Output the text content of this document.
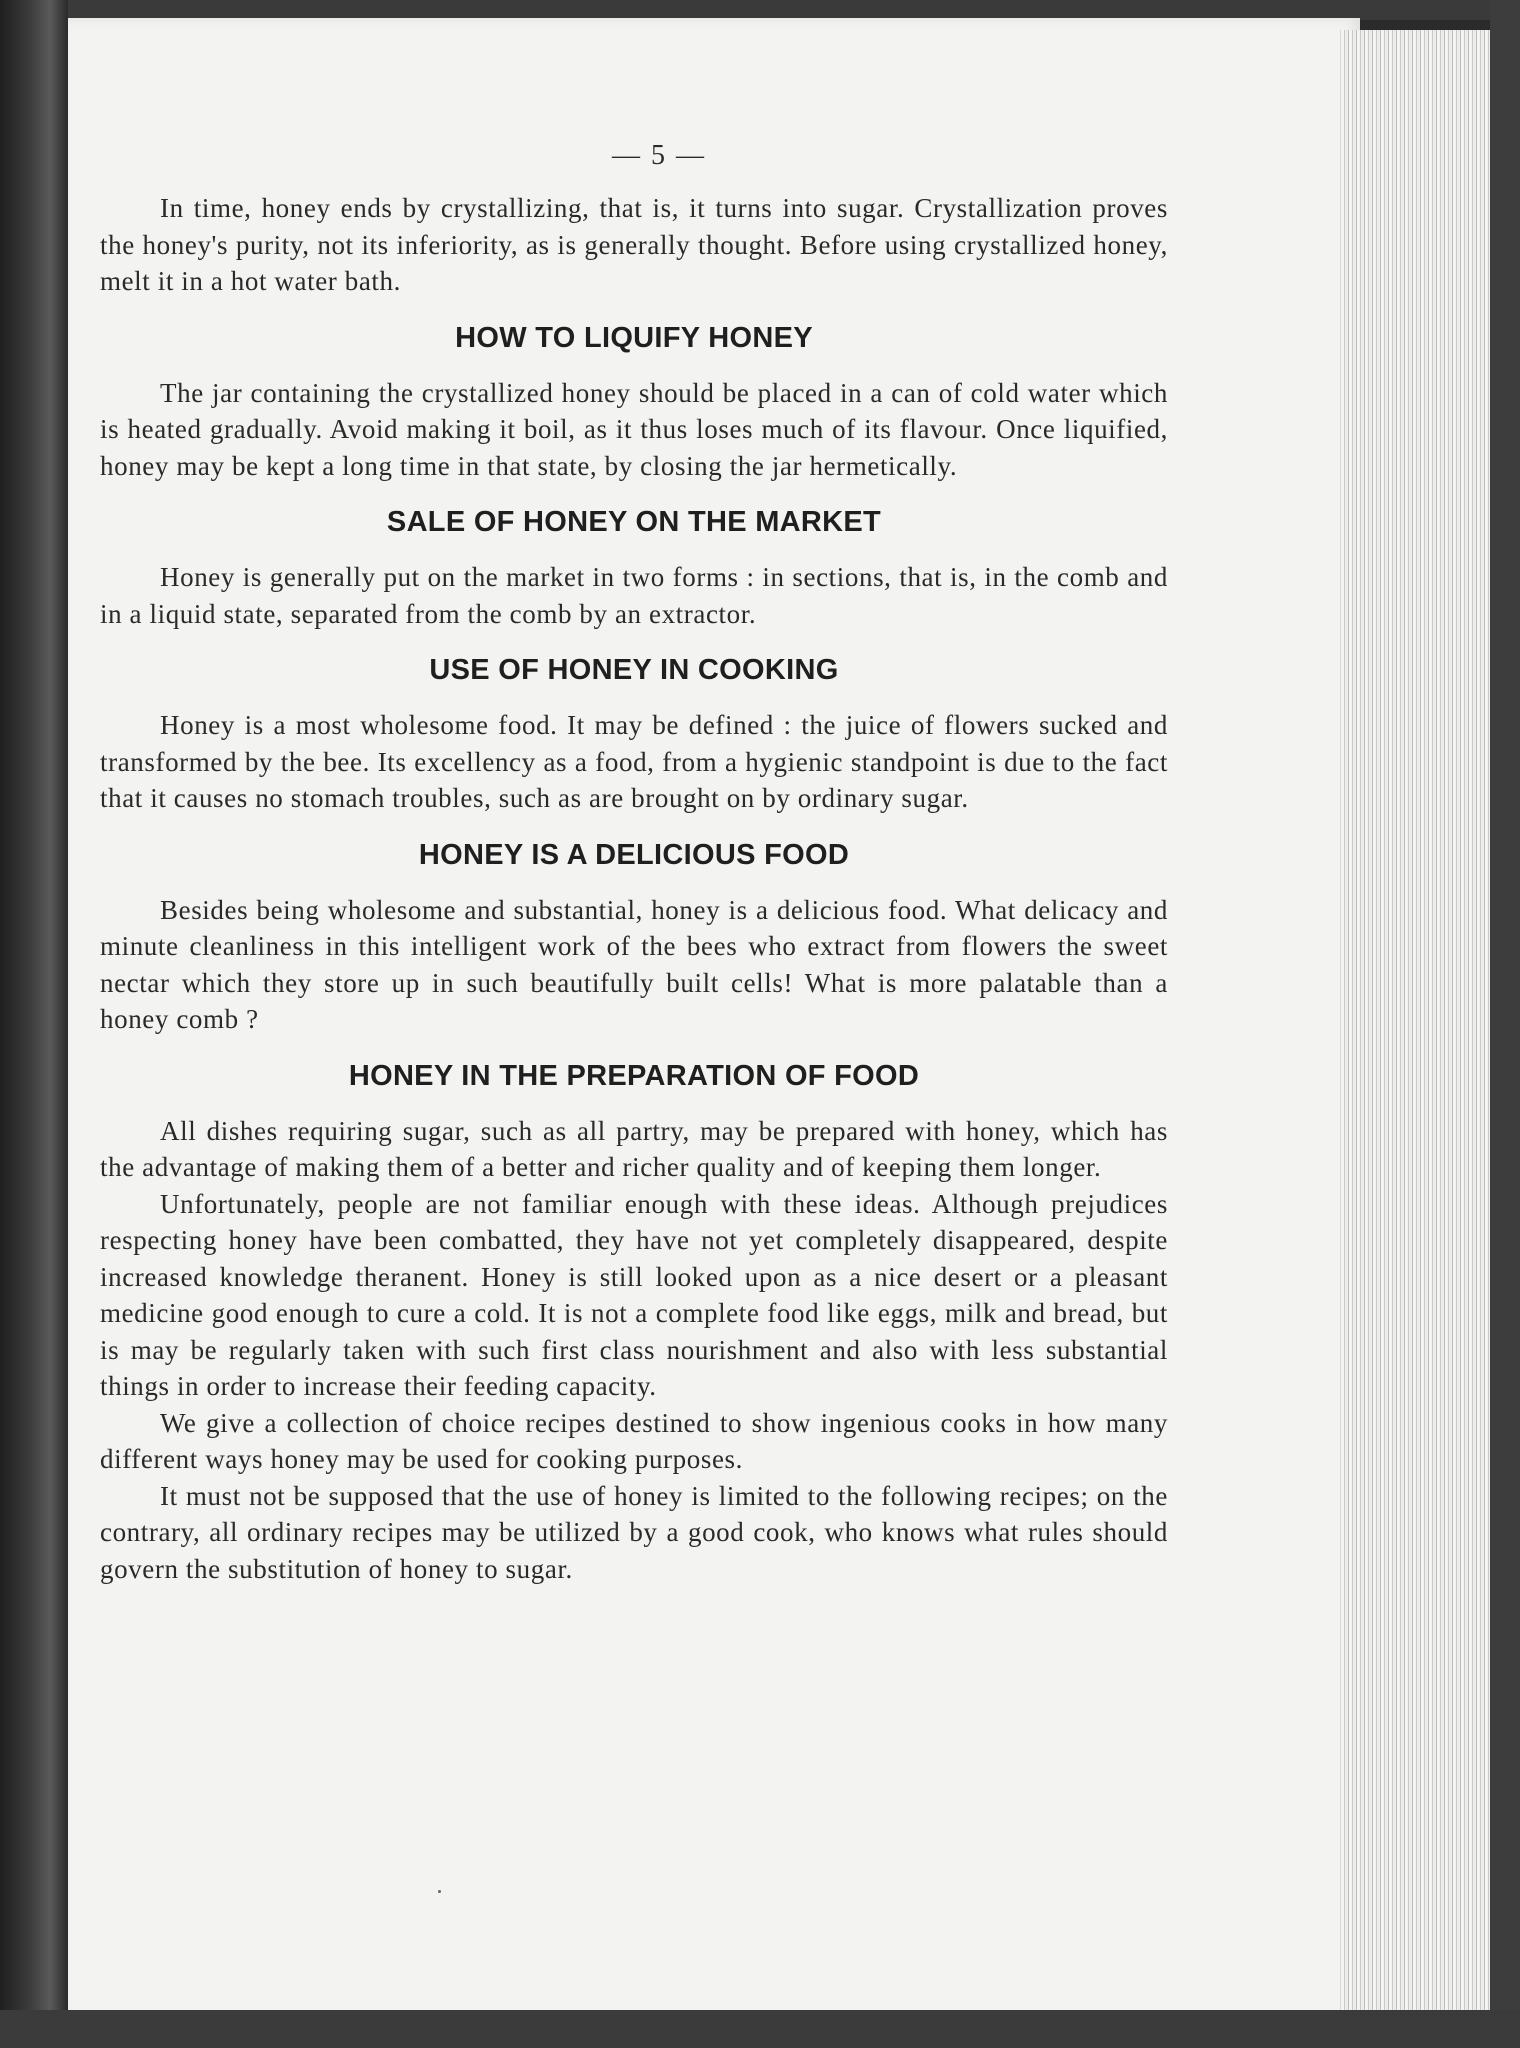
— 5 —

In time, honey ends by crystallizing, that is, it turns into sugar. Crystallization proves the honey's purity, not its inferiority, as is generally thought. Before using crystallized honey, melt it in a hot water bath.

HOW TO LIQUIFY HONEY

The jar containing the crystallized honey should be placed in a can of cold water which is heated gradually. Avoid making it boil, as it thus loses much of its flavour. Once liquified, honey may be kept a long time in that state, by closing the jar hermetically.

SALE OF HONEY ON THE MARKET

Honey is generally put on the market in two forms : in sections, that is, in the comb and in a liquid state, separated from the comb by an extractor.

USE OF HONEY IN COOKING

Honey is a most wholesome food. It may be defined : the juice of flowers sucked and transformed by the bee. Its excellency as a food, from a hygienic standpoint is due to the fact that it causes no stomach troubles, such as are brought on by ordinary sugar.

HONEY IS A DELICIOUS FOOD

Besides being wholesome and substantial, honey is a delicious food. What delicacy and minute cleanliness in this intelligent work of the bees who extract from flowers the sweet nectar which they store up in such beautifully built cells! What is more palatable than a honey comb ?

HONEY IN THE PREPARATION OF FOOD

All dishes requiring sugar, such as all partry, may be prepared with honey, which has the advantage of making them of a better and richer quality and of keeping them longer.

Unfortunately, people are not familiar enough with these ideas. Although prejudices respecting honey have been combatted, they have not yet completely disappeared, despite increased knowledge theranent. Honey is still looked upon as a nice desert or a pleasant medicine good enough to cure a cold. It is not a complete food like eggs, milk and bread, but is may be regularly taken with such first class nourishment and also with less substantial things in order to increase their feeding capacity.

We give a collection of choice recipes destined to show ingenious cooks in how many different ways honey may be used for cooking purposes.

It must not be supposed that the use of honey is limited to the following recipes; on the contrary, all ordinary recipes may be utilized by a good cook, who knows what rules should govern the substitution of honey to sugar.
